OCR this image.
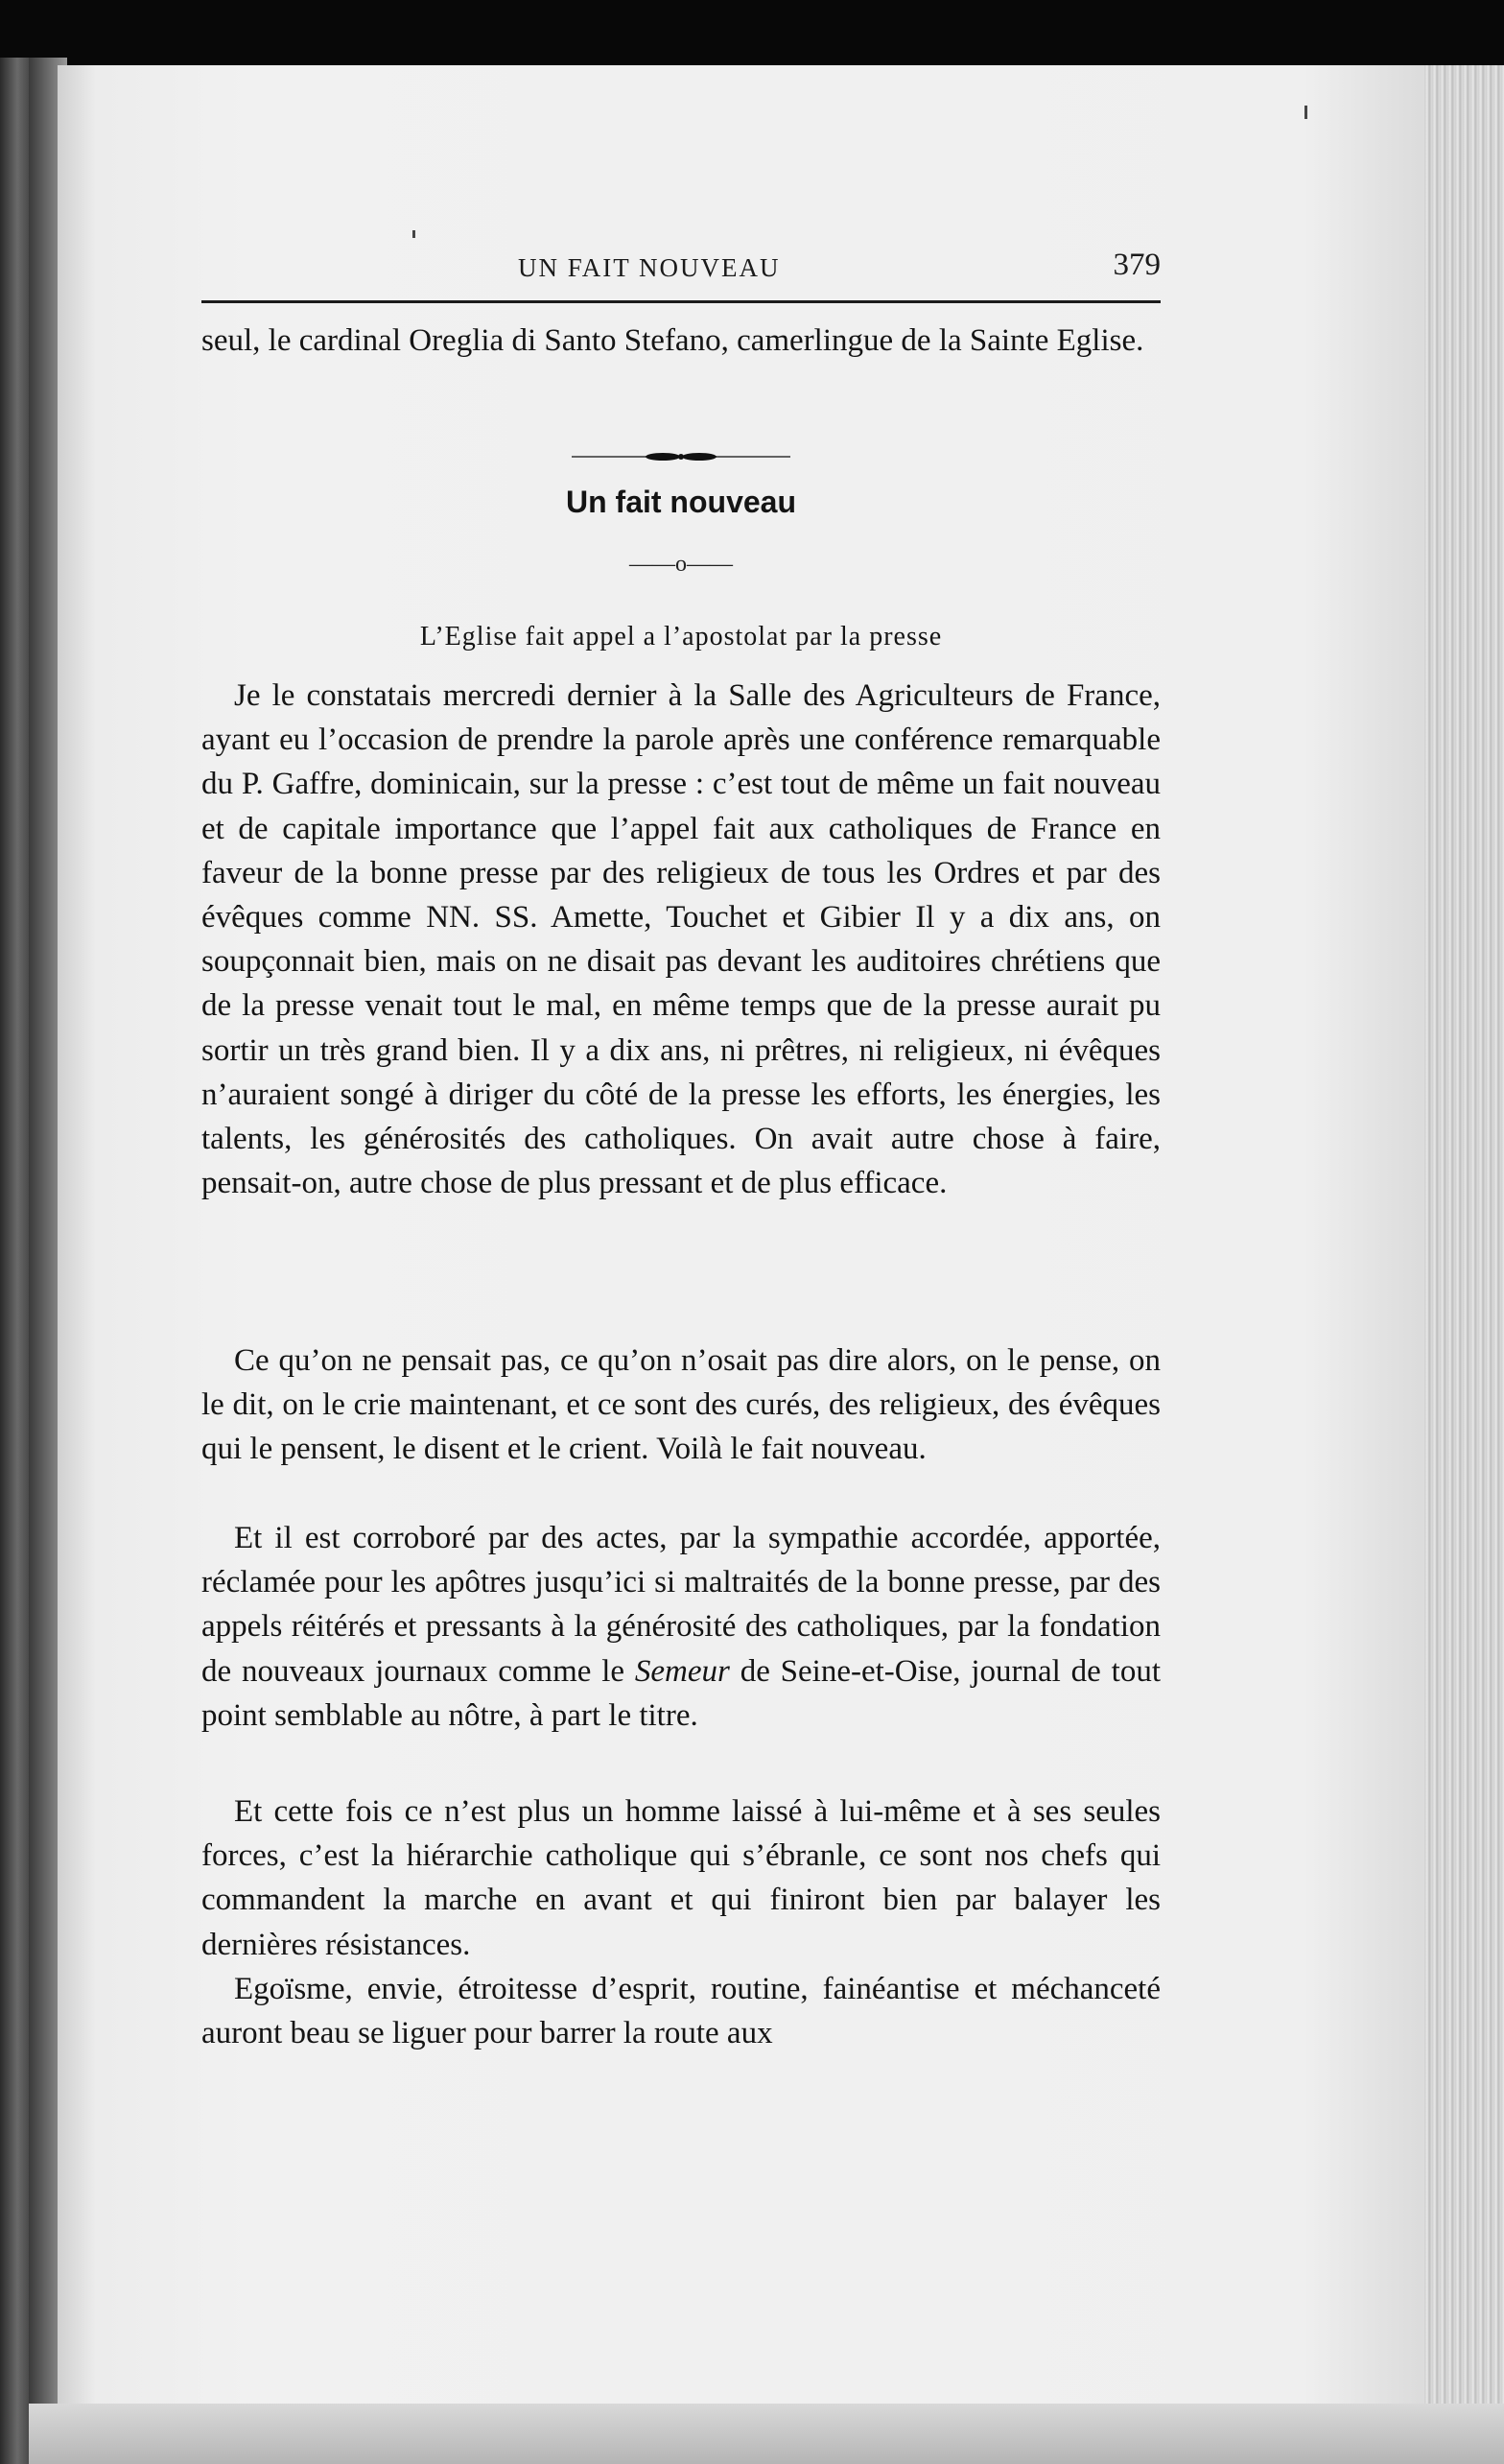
UN FAIT NOUVEAU	379

seul, le cardinal Oreglia di Santo Stefano, camerlingue de la Sainte Eglise.

Un fait nouveau
——o——
L’Eglise fait appel a l’apostolat par la presse

Je le constatais mercredi dernier à la Salle des Agriculteurs de France, ayant eu l’occasion de prendre la parole après une conférence remarquable du P. Gaffre, dominicain, sur la presse : c’est tout de même un fait nouveau et de capitale importance que l’appel fait aux catholiques de France en faveur de la bonne presse par des religieux de tous les Ordres et par des évêques comme NN. SS. Amette, Touchet et Gibier Il y a dix ans, on soupçonnait bien, mais on ne disait pas devant les auditoires chrétiens que de la presse venait tout le mal, en même temps que de la presse aurait pu sortir un très grand bien. Il y a dix ans, ni prêtres, ni religieux, ni évêques n’auraient songé à diriger du côté de la presse les efforts, les énergies, les talents, les générosités des catholiques. On avait autre chose à faire, pensait-on, autre chose de plus pressant et de plus efficace.

Ce qu’on ne pensait pas, ce qu’on n’osait pas dire alors, on le pense, on le dit, on le crie maintenant, et ce sont des curés, des religieux, des évêques qui le pensent, le disent et le crient. Voilà le fait nouveau.

Et il est corroboré par des actes, par la sympathie accordée, apportée, réclamée pour les apôtres jusqu’ici si maltraités de la bonne presse, par des appels réitérés et pressants à la générosité des catholiques, par la fondation de nouveaux journaux comme le Semeur de Seine-et-Oise, journal de tout point semblable au nôtre, à part le titre.

Et cette fois ce n’est plus un homme laissé à lui-même et à ses seules forces, c’est la hiérarchie catholique qui s’ébranle, ce sont nos chefs qui commandent la marche en avant et qui finiront bien par balayer les dernières résistances.

Egoïsme, envie, étroitesse d’esprit, routine, fainéantise et méchanceté auront beau se liguer pour barrer la route aux
